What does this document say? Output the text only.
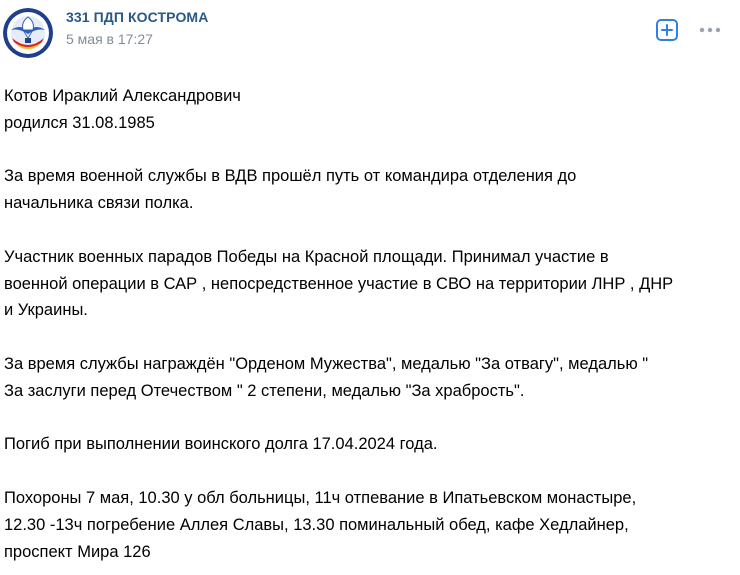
331 ПДП КОСТРОМА
5 мая в 17:27

Котов Ираклий Александрович
родился 31.08.1985

За время военной службы в ВДВ прошёл путь от командира отделения до
начальника связи полка.

Участник военных парадов Победы на Красной площади. Принимал участие в
военной операции в САР , непосредственное участие в СВО на территории ЛНР , ДНР
и Украины.

За время службы награждён "Орденом Мужества", медалью "За отвагу", медалью "
За заслуги перед Отечеством " 2 степени, медалью "За храбрость".

Погиб при выполнении воинского долга 17.04.2024 года.

Похороны 7 мая, 10.30 у обл больницы, 11ч отпевание в Ипатьевском монастыре,
12.30 -13ч погребение Аллея Славы, 13.30 поминальный обед, кафе Хедлайнер,
проспект Мира 126
